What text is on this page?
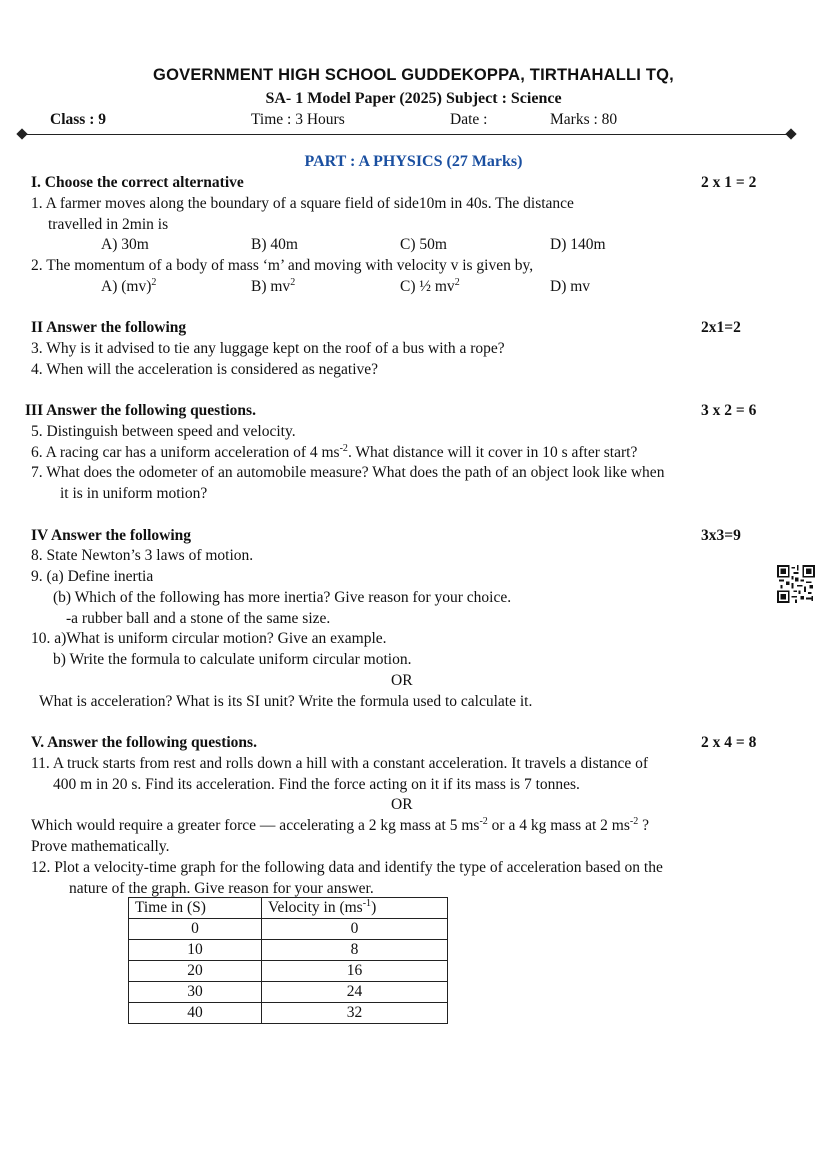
GOVERNMENT HIGH SCHOOL GUDDEKOPPA, TIRTHAHALLI TQ,
SA- 1 Model Paper (2025) Subject : Science
Class : 9	Time : 3 Hours	Date :	Marks : 80
PART : A PHYSICS (27 Marks)
I. Choose the correct alternative	2 x 1 = 2
1. A farmer moves along the boundary of a square field of side10m in 40s. The distance
travelled in 2min is
A) 30m	B) 40m	C) 50m	D) 140m
2. The momentum of a body of mass ‘m’ and moving with velocity v is given by,
A) (mv)$^2$	B) $mv^2$	C) ½ $mv^2$	D) mv
II Answer the following	2x1=2
3. Why is it advised to tie any luggage kept on the roof of a bus with a rope?
4. When will the acceleration is considered as negative?
III Answer the following questions.	3 x 2 = 6
5. Distinguish between speed and velocity.
6. A racing car has a uniform acceleration of 4 $ms^{-2}$. What distance will it cover in 10 s after start?
7. What does the odometer of an automobile measure? What does the path of an object look like when
it is in uniform motion?
IV Answer the following	3x3=9
8. State Newton’s 3 laws of motion.
9. (a) Define inertia
(b) Which of the following has more inertia? Give reason for your choice.
-a rubber ball and a stone of the same size.
10. a)What is uniform circular motion? Give an example.
b) Write the formula to calculate uniform circular motion.
OR
What is acceleration? What is its SI unit? Write the formula used to calculate it.
V. Answer the following questions.	2 x 4 = 8
11. A truck starts from rest and rolls down a hill with a constant acceleration. It travels a distance of
400 m in 20 s. Find its acceleration. Find the force acting on it if its mass is 7 tonnes.
OR
Which would require a greater force — accelerating a 2 kg mass at 5 $ms^{-2}$ or a 4 kg mass at 2 $ms^{-2}$ ?
Prove mathematically.
12. Plot a velocity-time graph for the following data and identify the type of acceleration based on the
nature of the graph. Give reason for your answer.
Time in (S)	Velocity in $(ms^{-1})$
0	0
10	8
20	16
30	24
40	32
